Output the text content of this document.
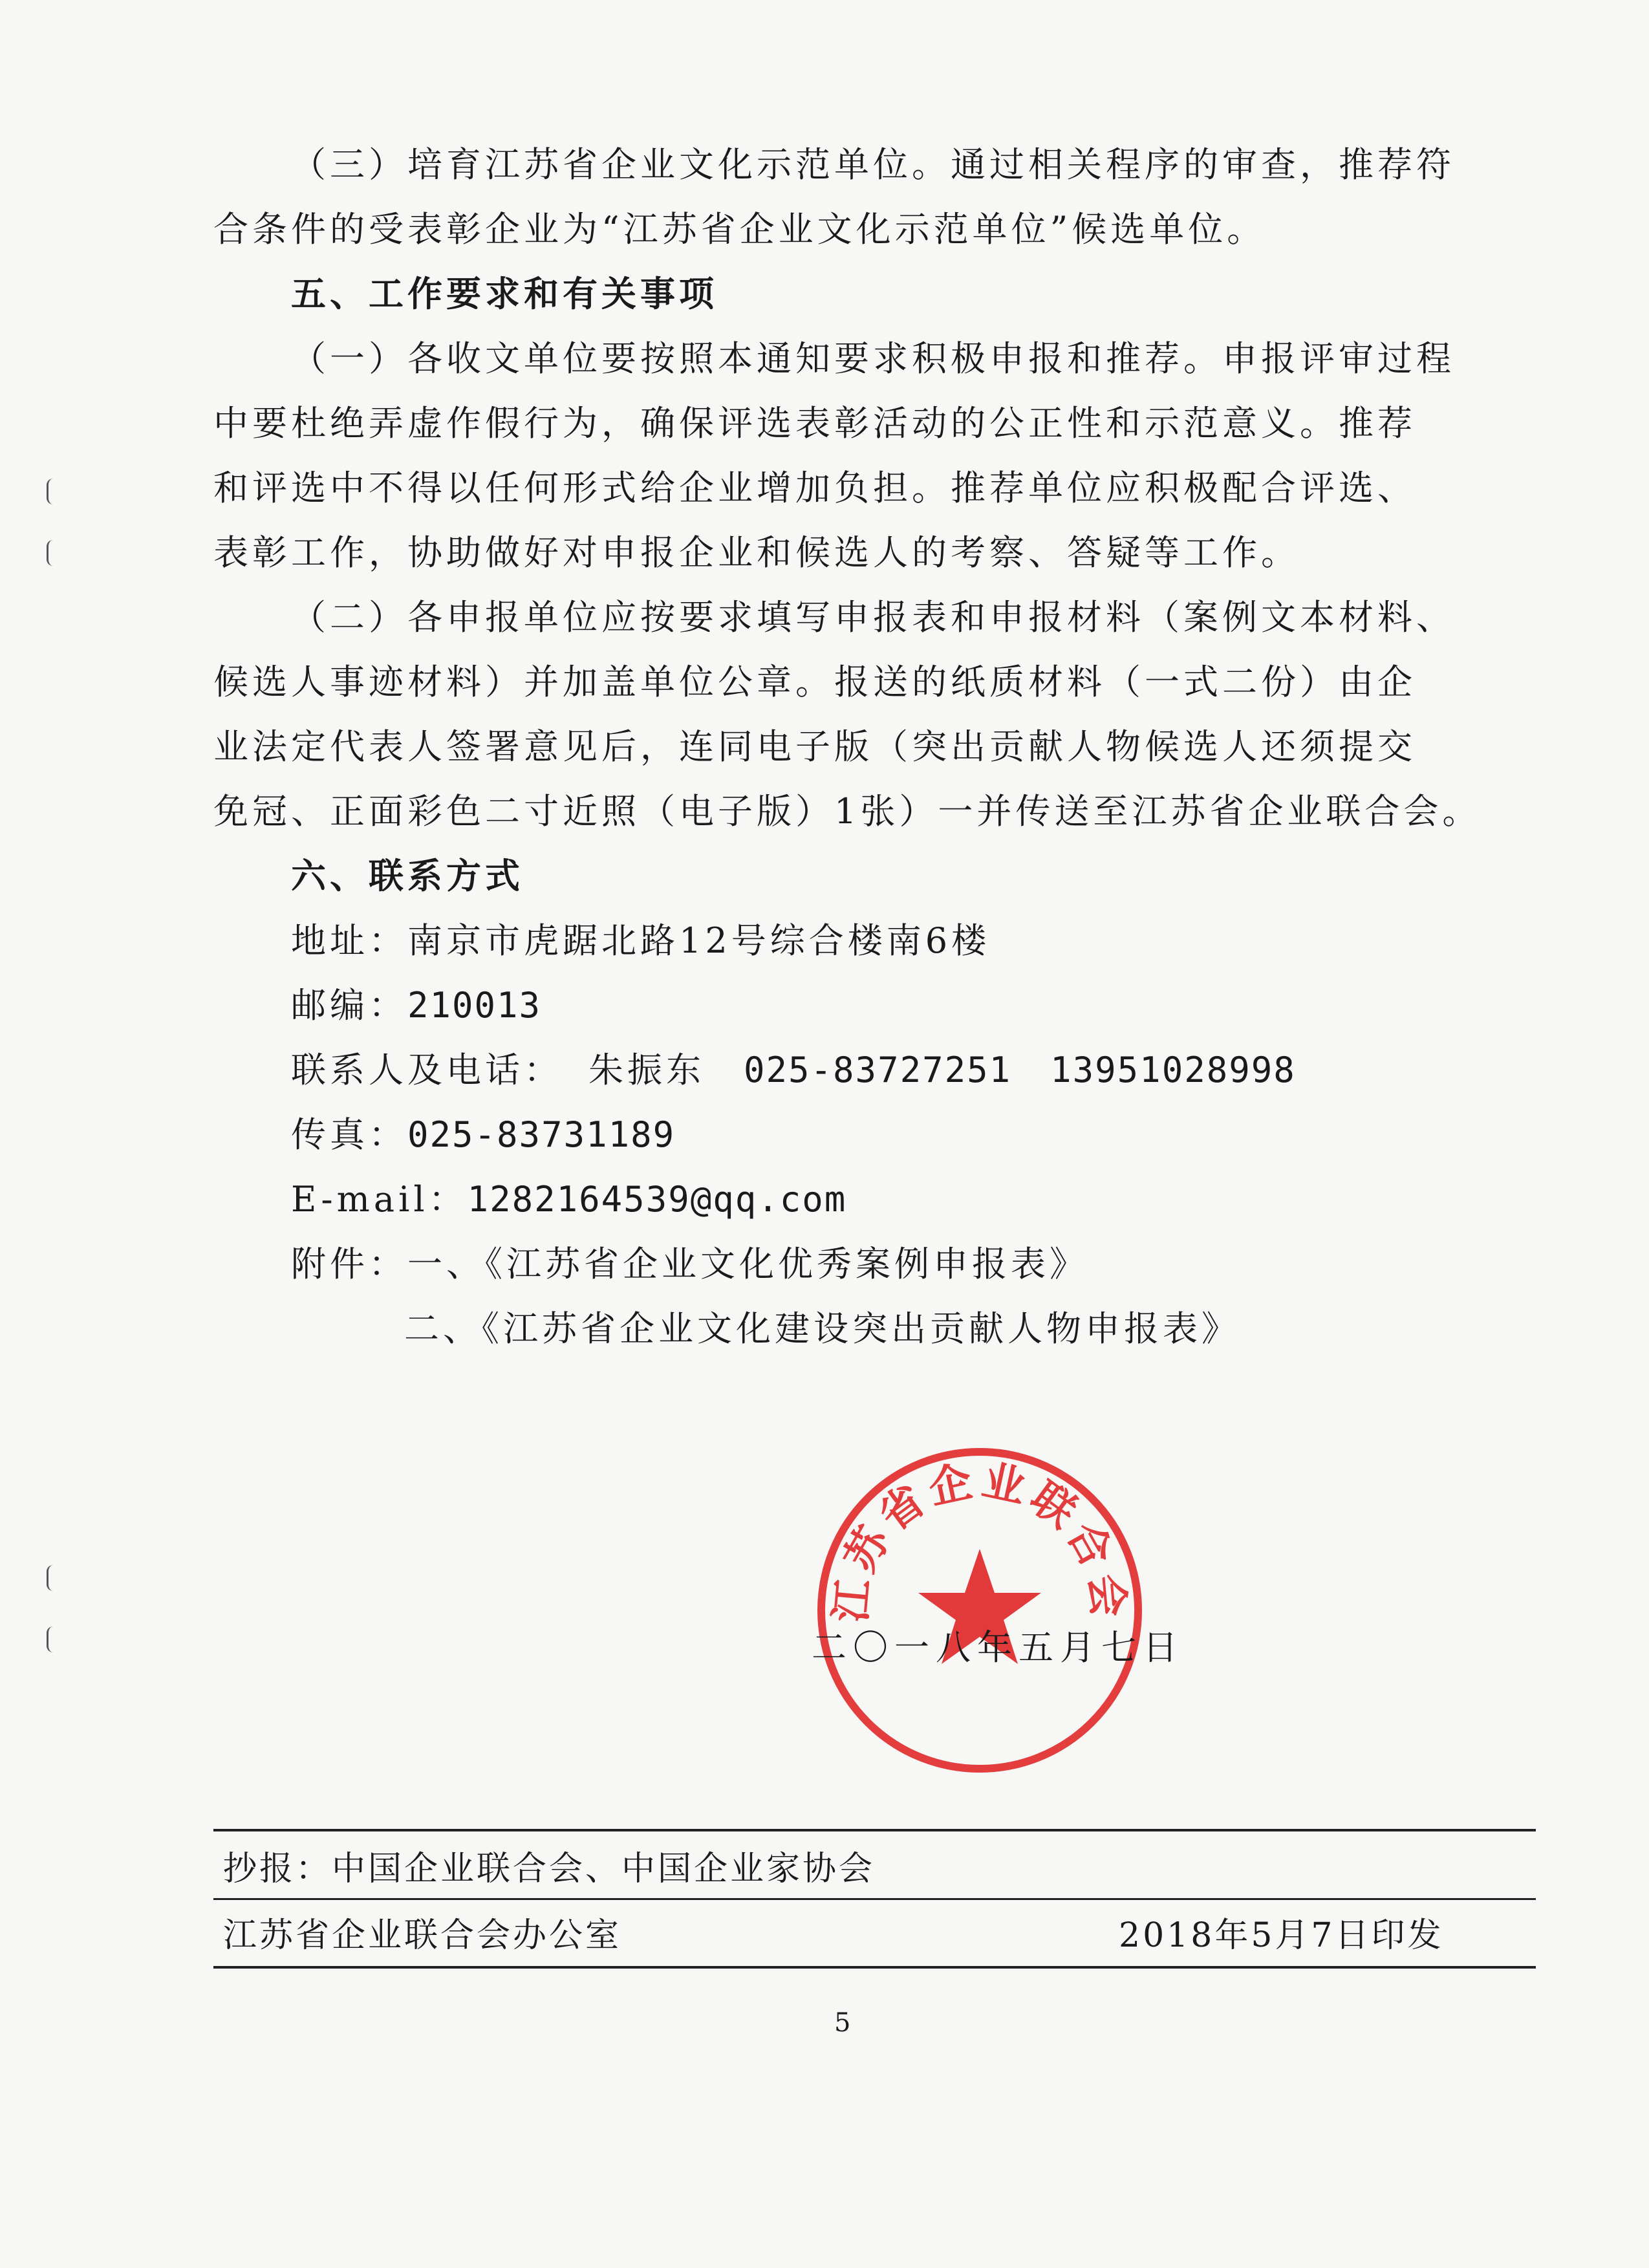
（三）培育江苏省企业文化示范单位。通过相关程序的审查，推荐符
合条件的受表彰企业为“江苏省企业文化示范单位”候选单位。
五、工作要求和有关事项
（一）各收文单位要按照本通知要求积极申报和推荐。申报评审过程
中要杜绝弄虚作假行为，确保评选表彰活动的公正性和示范意义。推荐
和评选中不得以任何形式给企业增加负担。推荐单位应积极配合评选、
表彰工作，协助做好对申报企业和候选人的考察、答疑等工作。
（二）各申报单位应按要求填写申报表和申报材料（案例文本材料、
候选人事迹材料）并加盖单位公章。报送的纸质材料（一式二份）由企
业法定代表人签署意见后，连同电子版（突出贡献人物候选人还须提交
免冠、正面彩色二寸近照（电子版）1张）一并传送至江苏省企业联合会。
六、联系方式
地址：南京市虎踞北路12号综合楼南6楼
邮编：210013
联系人及电话： 朱振东 025-83727251 13951028998
传真：025-83731189
E-mail：1282164539@qq.com
附件：一、《江苏省企业文化优秀案例申报表》
二、《江苏省企业文化建设突出贡献人物申报表》
江苏省企业联合会
二〇一八年五月七日
抄报：中国企业联合会、中国企业家协会
江苏省企业联合会办公室	2018年5月7日印发
5
